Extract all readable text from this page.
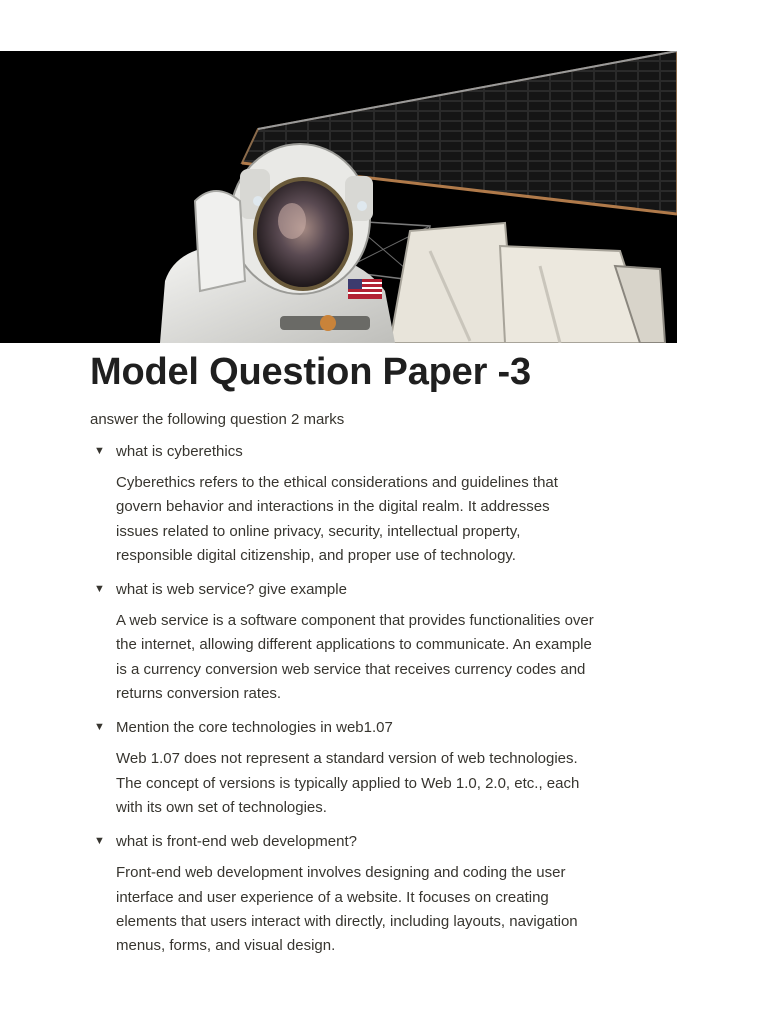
Model Question Paper -3
answer the following question 2 marks
▼ what is cyberethics
Cyberethics refers to the ethical considerations and guidelines that govern behavior and interactions in the digital realm. It addresses issues related to online privacy, security, intellectual property, responsible digital citizenship, and proper use of technology.
▼ what is web service? give example
A web service is a software component that provides functionalities over the internet, allowing different applications to communicate. An example is a currency conversion web service that receives currency codes and returns conversion rates.
▼ Mention the core technologies in web1.07
Web 1.07 does not represent a standard version of web technologies. The concept of versions is typically applied to Web 1.0, 2.0, etc., each with its own set of technologies.
▼ what is front-end web development?
Front-end web development involves designing and coding the user interface and user experience of a website. It focuses on creating elements that users interact with directly, including layouts, navigation menus, forms, and visual design.
